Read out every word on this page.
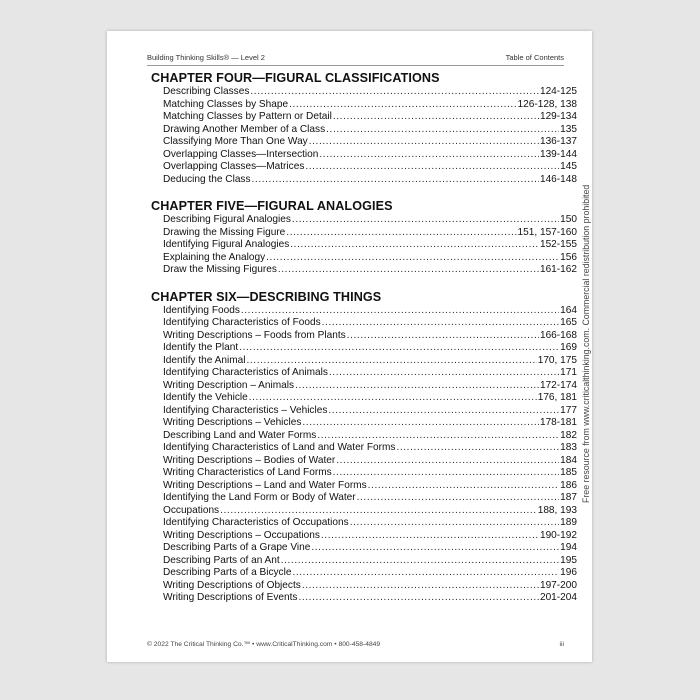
Building Thinking Skills® — Level 2	Table of Contents
CHAPTER FOUR—FIGURAL CLASSIFICATIONS
Describing Classes .....	124-125
Matching Classes by Shape .....	126-128, 138
Matching Classes by Pattern or Detail .....	129-134
Drawing Another Member of a Class .....	135
Classifying More Than One Way .....	136-137
Overlapping Classes—Intersection .....	139-144
Overlapping Classes—Matrices .....	145
Deducing the Class .....	146-148
CHAPTER FIVE—FIGURAL ANALOGIES
Describing Figural Analogies .....	150
Drawing the Missing Figure .....	151, 157-160
Identifying Figural Analogies .....	152-155
Explaining the Analogy .....	156
Draw the Missing Figures .....	161-162
CHAPTER SIX—DESCRIBING THINGS
Identifying Foods .....	164
Identifying Characteristics of Foods .....	165
Writing Descriptions – Foods from Plants .....	166-168
Identify the Plant .....	169
Identify the Animal .....	170, 175
Identifying Characteristics of Animals .....	171
Writing Description – Animals .....	172-174
Identify the Vehicle .....	176, 181
Identifying Characteristics – Vehicles .....	177
Writing Descriptions – Vehicles .....	178-181
Describing Land and Water Forms .....	182
Identifying Characteristics of Land and Water Forms .....	183
Writing Descriptions – Bodies of Water .....	184
Writing Characteristics of Land Forms .....	185
Writing Descriptions – Land and Water Forms .....	186
Identifying the Land Form or Body of Water .....	187
Occupations .....	188, 193
Identifying Characteristics of Occupations .....	189
Writing Descriptions – Occupations .....	190-192
Describing Parts of a Grape Vine .....	194
Describing Parts of an Ant .....	195
Describing Parts of a Bicycle .....	196
Writing Descriptions of Objects .....	197-200
Writing Descriptions of Events .....	201-204
© 2022 The Critical Thinking Co.™ • www.CriticalThinking.com • 800-458-4849	iii
Free resource from www.criticalthinking.com. Commercial redistribution prohibited
